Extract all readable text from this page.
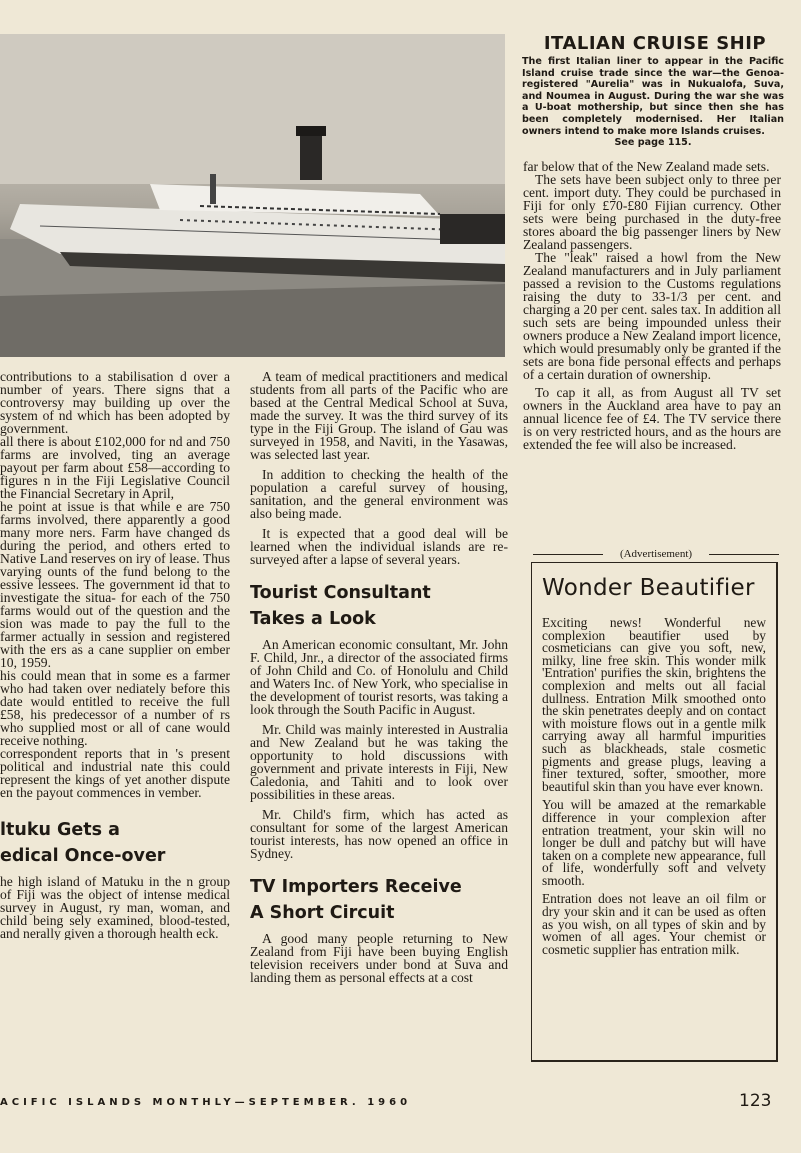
ITALIAN CRUISE SHIP
The first Italian liner to appear in the Pacific Island cruise trade since the war—the Genoa-registered "Aurelia" was in Nukualofa, Suva, and Noumea in August. During the war she was a U-boat mothership, but since then she has been completely modernised. Her Italian owners intend to make more Islands cruises.
See page 115.

contributions to a stabilisation d over a number of years. There signs that a controversy may building up over the system of nd which has been adopted by government.

all there is about £102,000 for nd and 750 farms are involved, ting an average payout per farm about £58—according to figures n in the Fiji Legislative Council the Financial Secretary in April,

he point at issue is that while e are 750 farms involved, there apparently a good many more ners. Farm have changed ds during the period, and others erted to Native Land reserves on iry of lease. Thus varying ounts of the fund belong to the essive lessees. The government id that to investigate the situa- for each of the 750 farms would out of the question and the sion was made to pay the full to the farmer actually in session and registered with the ers as a cane supplier on ember 10, 1959.

his could mean that in some es a farmer who had taken over nediately before this date would entitled to receive the full £58, his predecessor of a number of rs who supplied most or all of cane would receive nothing.

correspondent reports that in 's present political and industrial nate this could represent the kings of yet another dispute en the payout commences in vember.

ltuku Gets a
edical Once-over

he high island of Matuku in the n group of Fiji was the object of intense medical survey in August, ry man, woman, and child being sely examined, blood-tested, and nerally given a thorough health eck.

A team of medical practitioners and medical students from all parts of the Pacific who are based at the Central Medical School at Suva, made the survey. It was the third survey of its type in the Fiji Group. The island of Gau was surveyed in 1958, and Naviti, in the Yasawas, was selected last year.

In addition to checking the health of the population a careful survey of housing, sanitation, and the general environment was also being made.

It is expected that a good deal will be learned when the individual islands are re-surveyed after a lapse of several years.

Tourist Consultant
Takes a Look

An American economic consultant, Mr. John F. Child, Jnr., a director of the associated firms of John Child and Co. of Honolulu and Child and Waters Inc. of New York, who specialise in the development of tourist resorts, was taking a look through the South Pacific in August.

Mr. Child was mainly interested in Australia and New Zealand but he was taking the opportunity to hold discussions with government and private interests in Fiji, New Caledonia, and Tahiti and to look over possibilities in these areas.

Mr. Child's firm, which has acted as consultant for some of the largest American tourist interests, has now opened an office in Sydney.

TV Importers Receive
A Short Circuit

A good many people returning to New Zealand from Fiji have been buying English television receivers under bond at Suva and landing them as personal effects at a cost

far below that of the New Zealand made sets.

The sets have been subject only to three per cent. import duty. They could be purchased in Fiji for only £70-£80 Fijian currency. Other sets were being purchased in the duty-free stores aboard the big passenger liners by New Zealand passengers.

The "leak" raised a howl from the New Zealand manufacturers and in July parliament passed a revision to the Customs regulations raising the duty to 33-1/3 per cent. and charging a 20 per cent. sales tax. In addition all such sets are being impounded unless their owners produce a New Zealand import licence, which would presumably only be granted if the sets are bona fide personal effects and perhaps of a certain duration of ownership.

To cap it all, as from August all TV set owners in the Auckland area have to pay an annual licence fee of £4. The TV service there is on very restricted hours, and as the hours are extended the fee will also be increased.

(Advertisement)
Wonder Beautifier

Exciting news! Wonderful new complexion beautifier used by cosmeticians can give you soft, new, milky, line free skin. This wonder milk 'Entration' purifies the skin, brightens the complexion and melts out all facial dullness. Entration Milk smoothed onto the skin penetrates deeply and on contact with moisture flows out in a gentle milk carrying away all harmful impurities such as blackheads, stale cosmetic pigments and grease plugs, leaving a finer textured, softer, smoother, more beautiful skin than you have ever known.

You will be amazed at the remarkable difference in your complexion after entration treatment, your skin will no longer be dull and patchy but will have taken on a complete new appearance, full of life, wonderfully soft and velvety smooth.

Entration does not leave an oil film or dry your skin and it can be used as often as you wish, on all types of skin and by women of all ages. Your chemist or cosmetic supplier has entration milk.

ACIFIC ISLANDS MONTHLY—SEPTEMBER. 1960	123
